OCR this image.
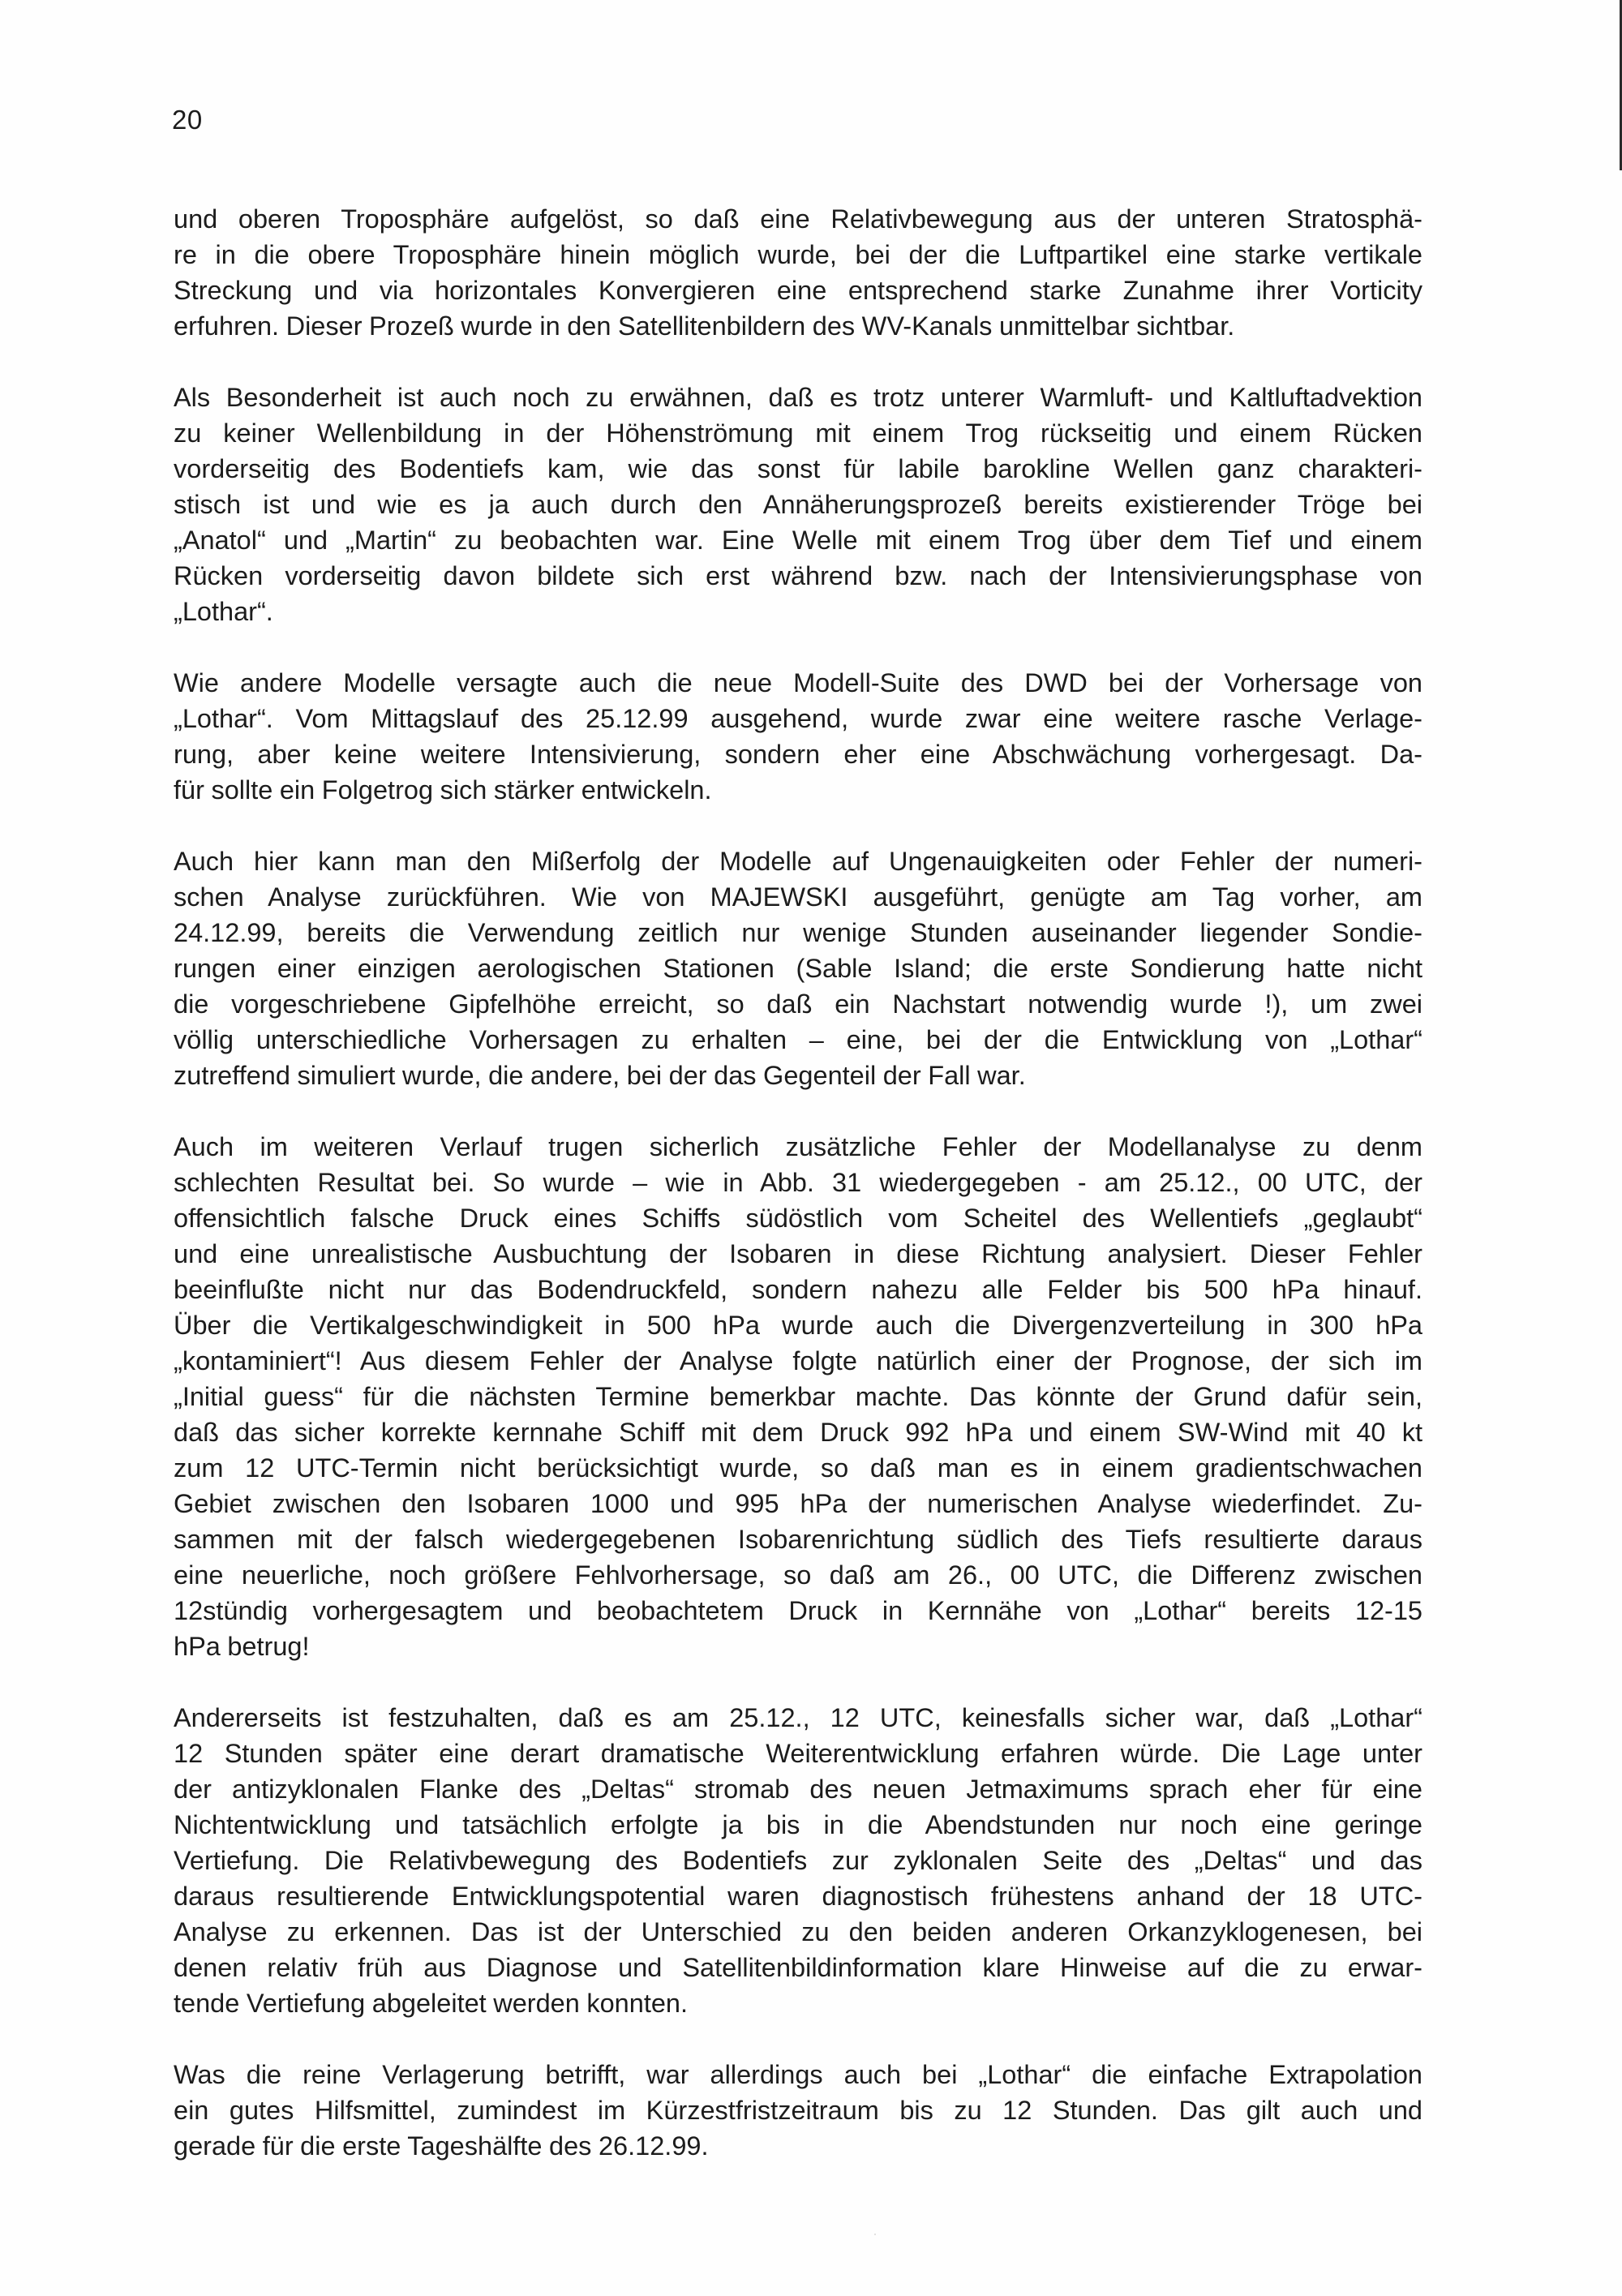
20

und oberen Troposphäre aufgelöst, so daß eine Relativbewegung aus der unteren Stratosphä-
re in die obere Troposphäre hinein möglich wurde, bei der die Luftpartikel eine starke vertikale
Streckung und via horizontales Konvergieren eine entsprechend starke Zunahme ihrer Vorticity
erfuhren. Dieser Prozeß wurde in den Satellitenbildern des WV-Kanals unmittelbar sichtbar.

Als Besonderheit ist auch noch zu erwähnen, daß es trotz unterer Warmluft- und Kaltluftadvektion
zu keiner Wellenbildung in der Höhenströmung mit einem Trog rückseitig und einem Rücken
vorderseitig des Bodentiefs kam, wie das sonst für labile barokline Wellen ganz charakteri-
stisch ist und wie es ja auch durch den Annäherungsprozeß bereits existierender Tröge bei
„Anatol“ und „Martin“ zu beobachten war. Eine Welle mit einem Trog über dem Tief und einem
Rücken vorderseitig davon bildete sich erst während bzw. nach der Intensivierungsphase von
„Lothar“.

Wie andere Modelle versagte auch die neue Modell-Suite des DWD bei der Vorhersage von
„Lothar“. Vom Mittagslauf des 25.12.99 ausgehend, wurde zwar eine weitere rasche Verlage-
rung, aber keine weitere Intensivierung, sondern eher eine Abschwächung vorhergesagt. Da-
für sollte ein Folgetrog sich stärker entwickeln.

Auch hier kann man den Mißerfolg der Modelle auf Ungenauigkeiten oder Fehler der numeri-
schen Analyse zurückführen. Wie von MAJEWSKI ausgeführt, genügte am Tag vorher, am
24.12.99, bereits die Verwendung zeitlich nur wenige Stunden auseinander liegender Sondie-
rungen einer einzigen aerologischen Stationen (Sable Island; die erste Sondierung hatte nicht
die vorgeschriebene Gipfelhöhe erreicht, so daß ein Nachstart notwendig wurde !), um zwei
völlig unterschiedliche Vorhersagen zu erhalten – eine, bei der die Entwicklung von „Lothar“
zutreffend simuliert wurde, die andere, bei der das Gegenteil der Fall war.

Auch im weiteren Verlauf trugen sicherlich zusätzliche Fehler der Modellanalyse zu denm
schlechten Resultat bei. So wurde – wie in Abb. 31 wiedergegeben - am 25.12., 00 UTC, der
offensichtlich falsche Druck eines Schiffs südöstlich vom Scheitel des Wellentiefs „geglaubt“
und eine unrealistische Ausbuchtung der Isobaren in diese Richtung analysiert. Dieser Fehler
beeinflußte nicht nur das Bodendruckfeld, sondern nahezu alle Felder bis 500 hPa hinauf.
Über die Vertikalgeschwindigkeit in 500 hPa wurde auch die Divergenzverteilung in 300 hPa
„kontaminiert“! Aus diesem Fehler der Analyse folgte natürlich einer der Prognose, der sich im
„Initial guess“ für die nächsten Termine bemerkbar machte. Das könnte der Grund dafür sein,
daß das sicher korrekte kernnahe Schiff mit dem Druck 992 hPa und einem SW-Wind mit 40 kt
zum 12 UTC-Termin nicht berücksichtigt wurde, so daß man es in einem gradientschwachen
Gebiet zwischen den Isobaren 1000 und 995 hPa der numerischen Analyse wiederfindet. Zu-
sammen mit der falsch wiedergegebenen Isobarenrichtung südlich des Tiefs resultierte daraus
eine neuerliche, noch größere Fehlvorhersage, so daß am 26., 00 UTC, die Differenz zwischen
12stündig vorhergesagtem und beobachtetem Druck in Kernnähe von „Lothar“ bereits 12-15
hPa betrug!

Andererseits ist festzuhalten, daß es am 25.12., 12 UTC, keinesfalls sicher war, daß „Lothar“
12 Stunden später eine derart dramatische Weiterentwicklung erfahren würde. Die Lage unter
der antizyklonalen Flanke des „Deltas“ stromab des neuen Jetmaximums sprach eher für eine
Nichtentwicklung und tatsächlich erfolgte ja bis in die Abendstunden nur noch eine geringe
Vertiefung. Die Relativbewegung des Bodentiefs zur zyklonalen Seite des „Deltas“ und das
daraus resultierende Entwicklungspotential waren diagnostisch frühestens anhand der 18 UTC-
Analyse zu erkennen. Das ist der Unterschied zu den beiden anderen Orkanzyklogenesen, bei
denen relativ früh aus Diagnose und Satellitenbildinformation klare Hinweise auf die zu erwar-
tende Vertiefung abgeleitet werden konnten.

Was die reine Verlagerung betrifft, war allerdings auch bei „Lothar“ die einfache Extrapolation
ein gutes Hilfsmittel, zumindest im Kürzestfristzeitraum bis zu 12 Stunden. Das gilt auch und
gerade für die erste Tageshälfte des 26.12.99.
